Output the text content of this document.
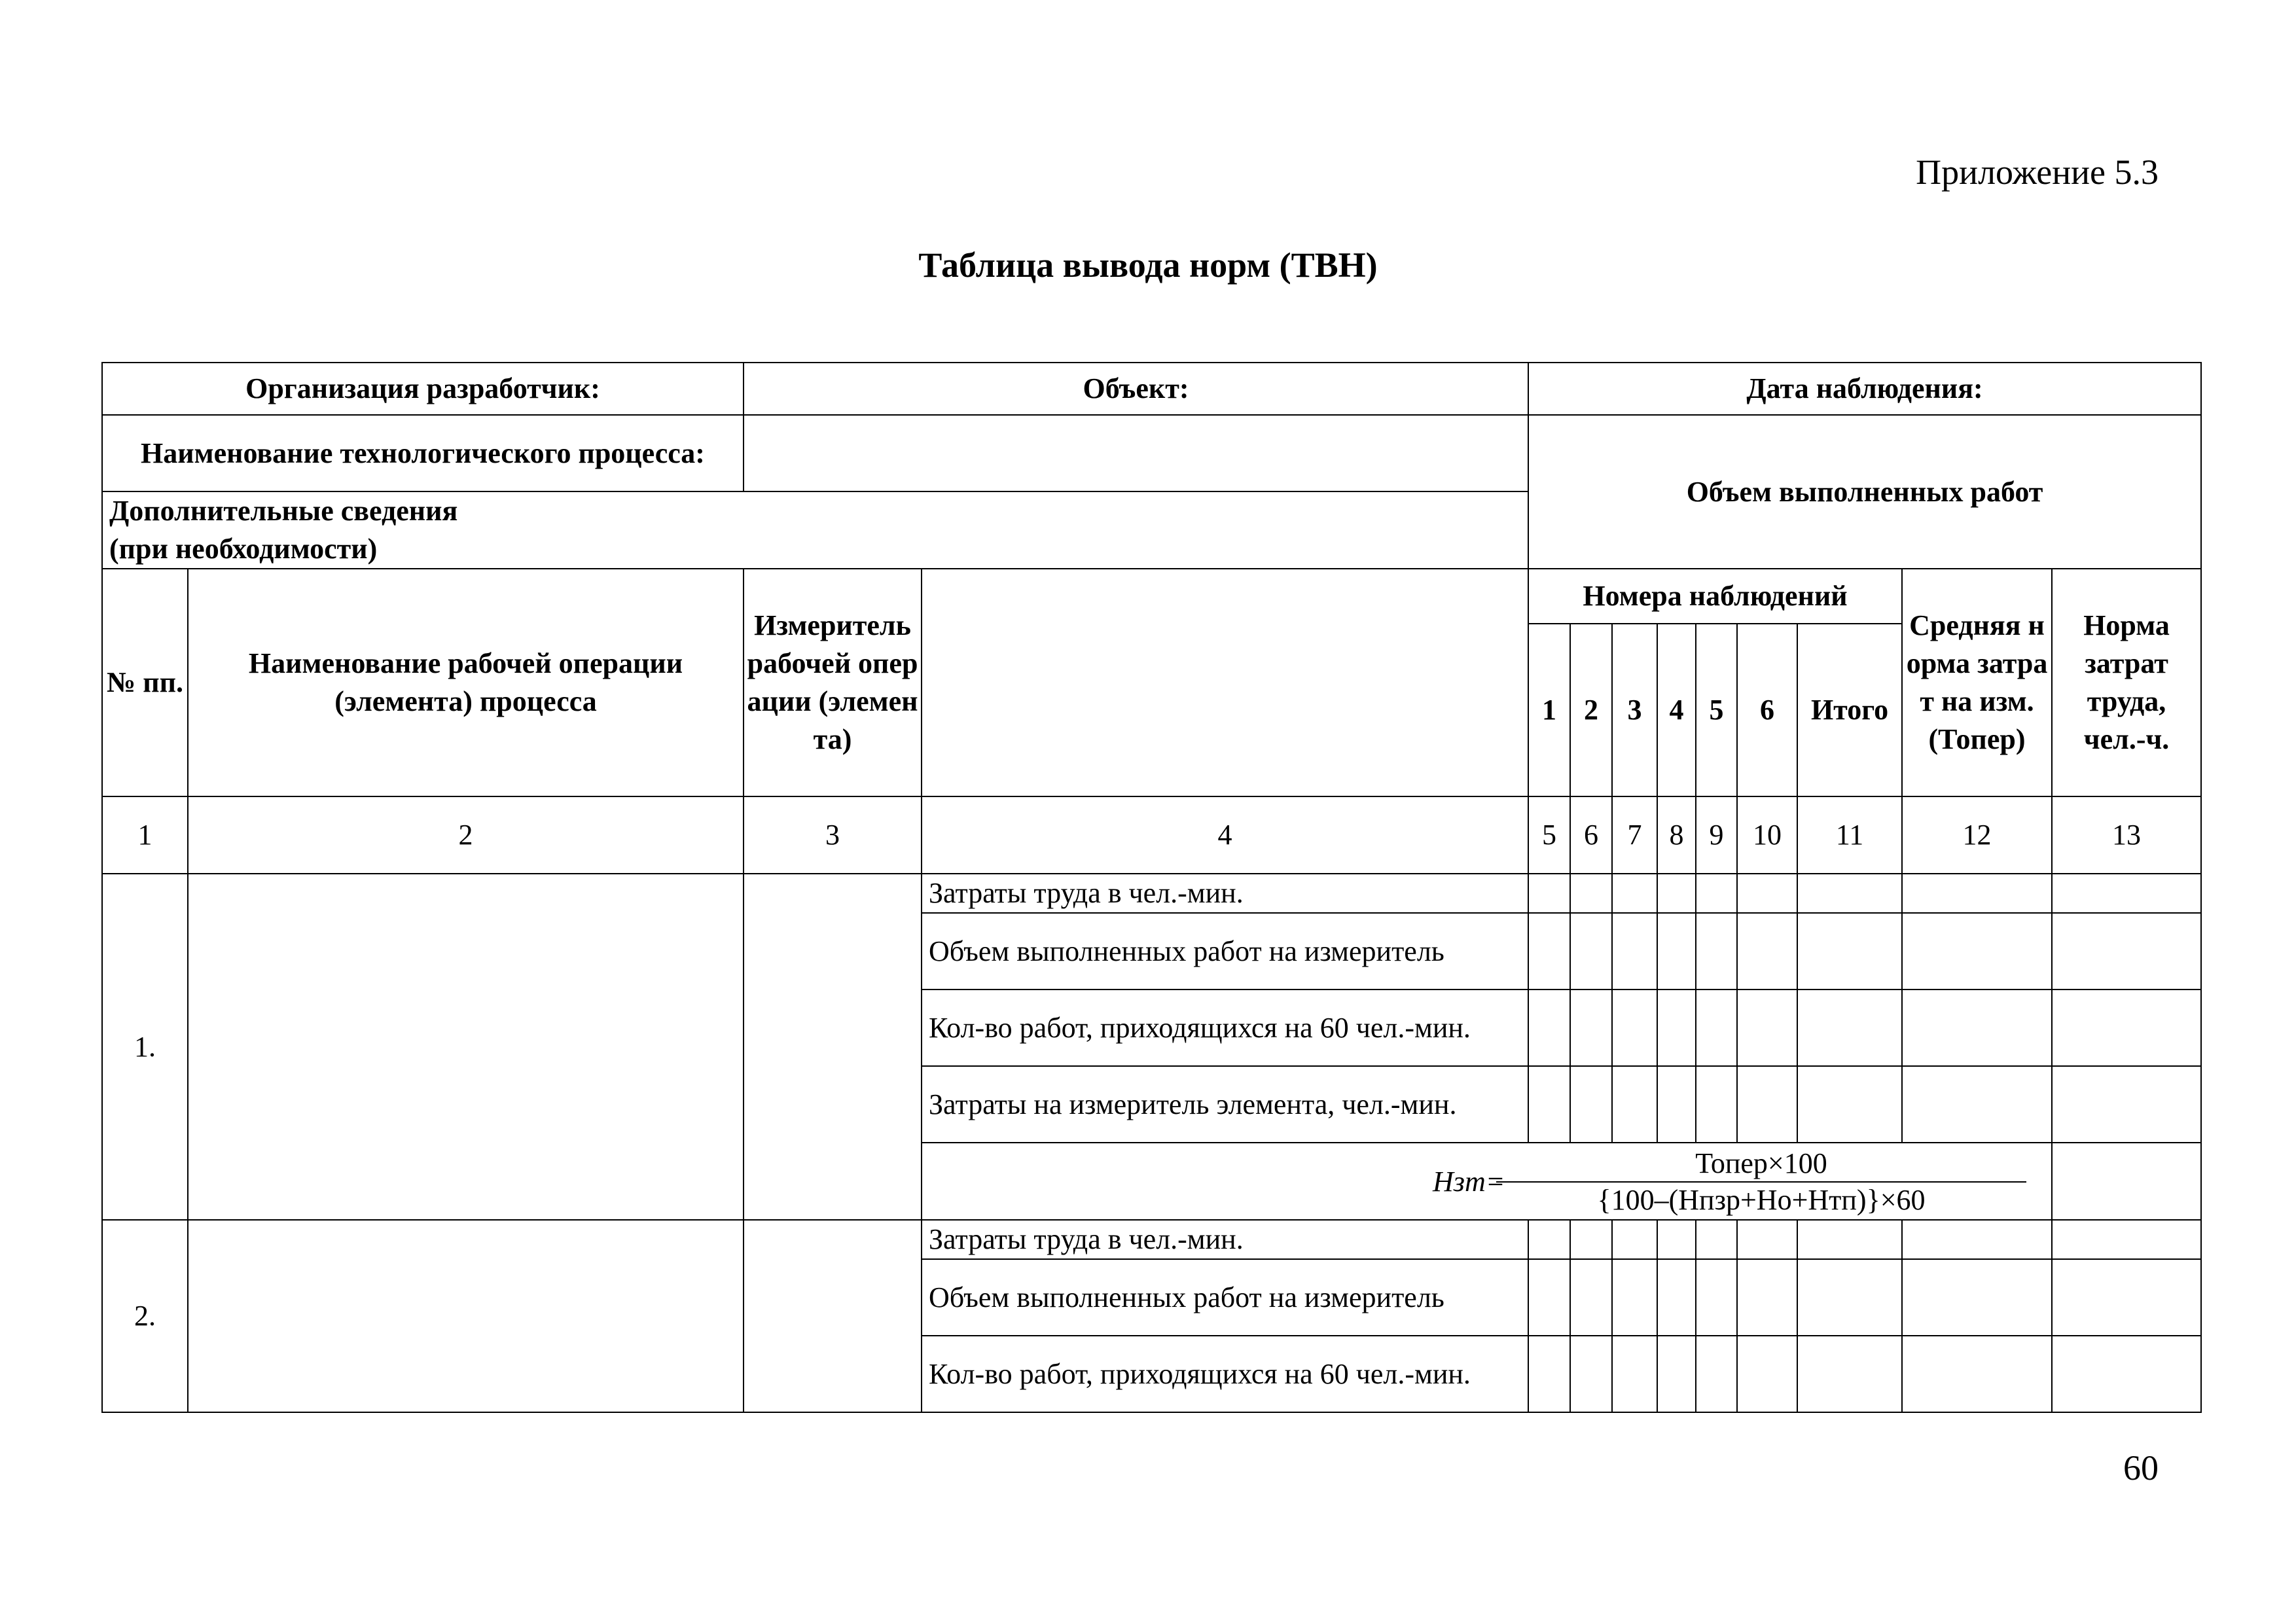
Приложение 5.3
Таблица вывода норм (ТВН)
Организация разработчик:		Объект:		Дата наблюдения:								
Наименование технологического процесса:				Объем выполненных работ								

Дополнительные сведения
(при необходимости)												

№ пп.	Наименование рабочей операции (элемента) процесса	Измеритель рабочей операции (элемента)		Номера наблюдений							Средняя норма затрат на изм. (Топер)	Норма затрат труда, чел.-ч.
				1	2	3	4	5	6	Итого		
1	2	3	4	5	6	7	8	9	10	11	12	13
1.			Затраты труда в чел.-мин.									
			Объем выполненных работ на измеритель									
			Кол-во работ, приходящихся на 60 чел.-мин.									
			Затраты на измеритель элемента, чел.-мин.									

			Нзт=
Топер×100
{100–(Нпзр+Но+Нтп)}×60									

2.			Затраты труда в чел.-мин.									
			Объем выполненных работ на измеритель									
			Кол-во работ, приходящихся на 60 чел.-мин.									
60
